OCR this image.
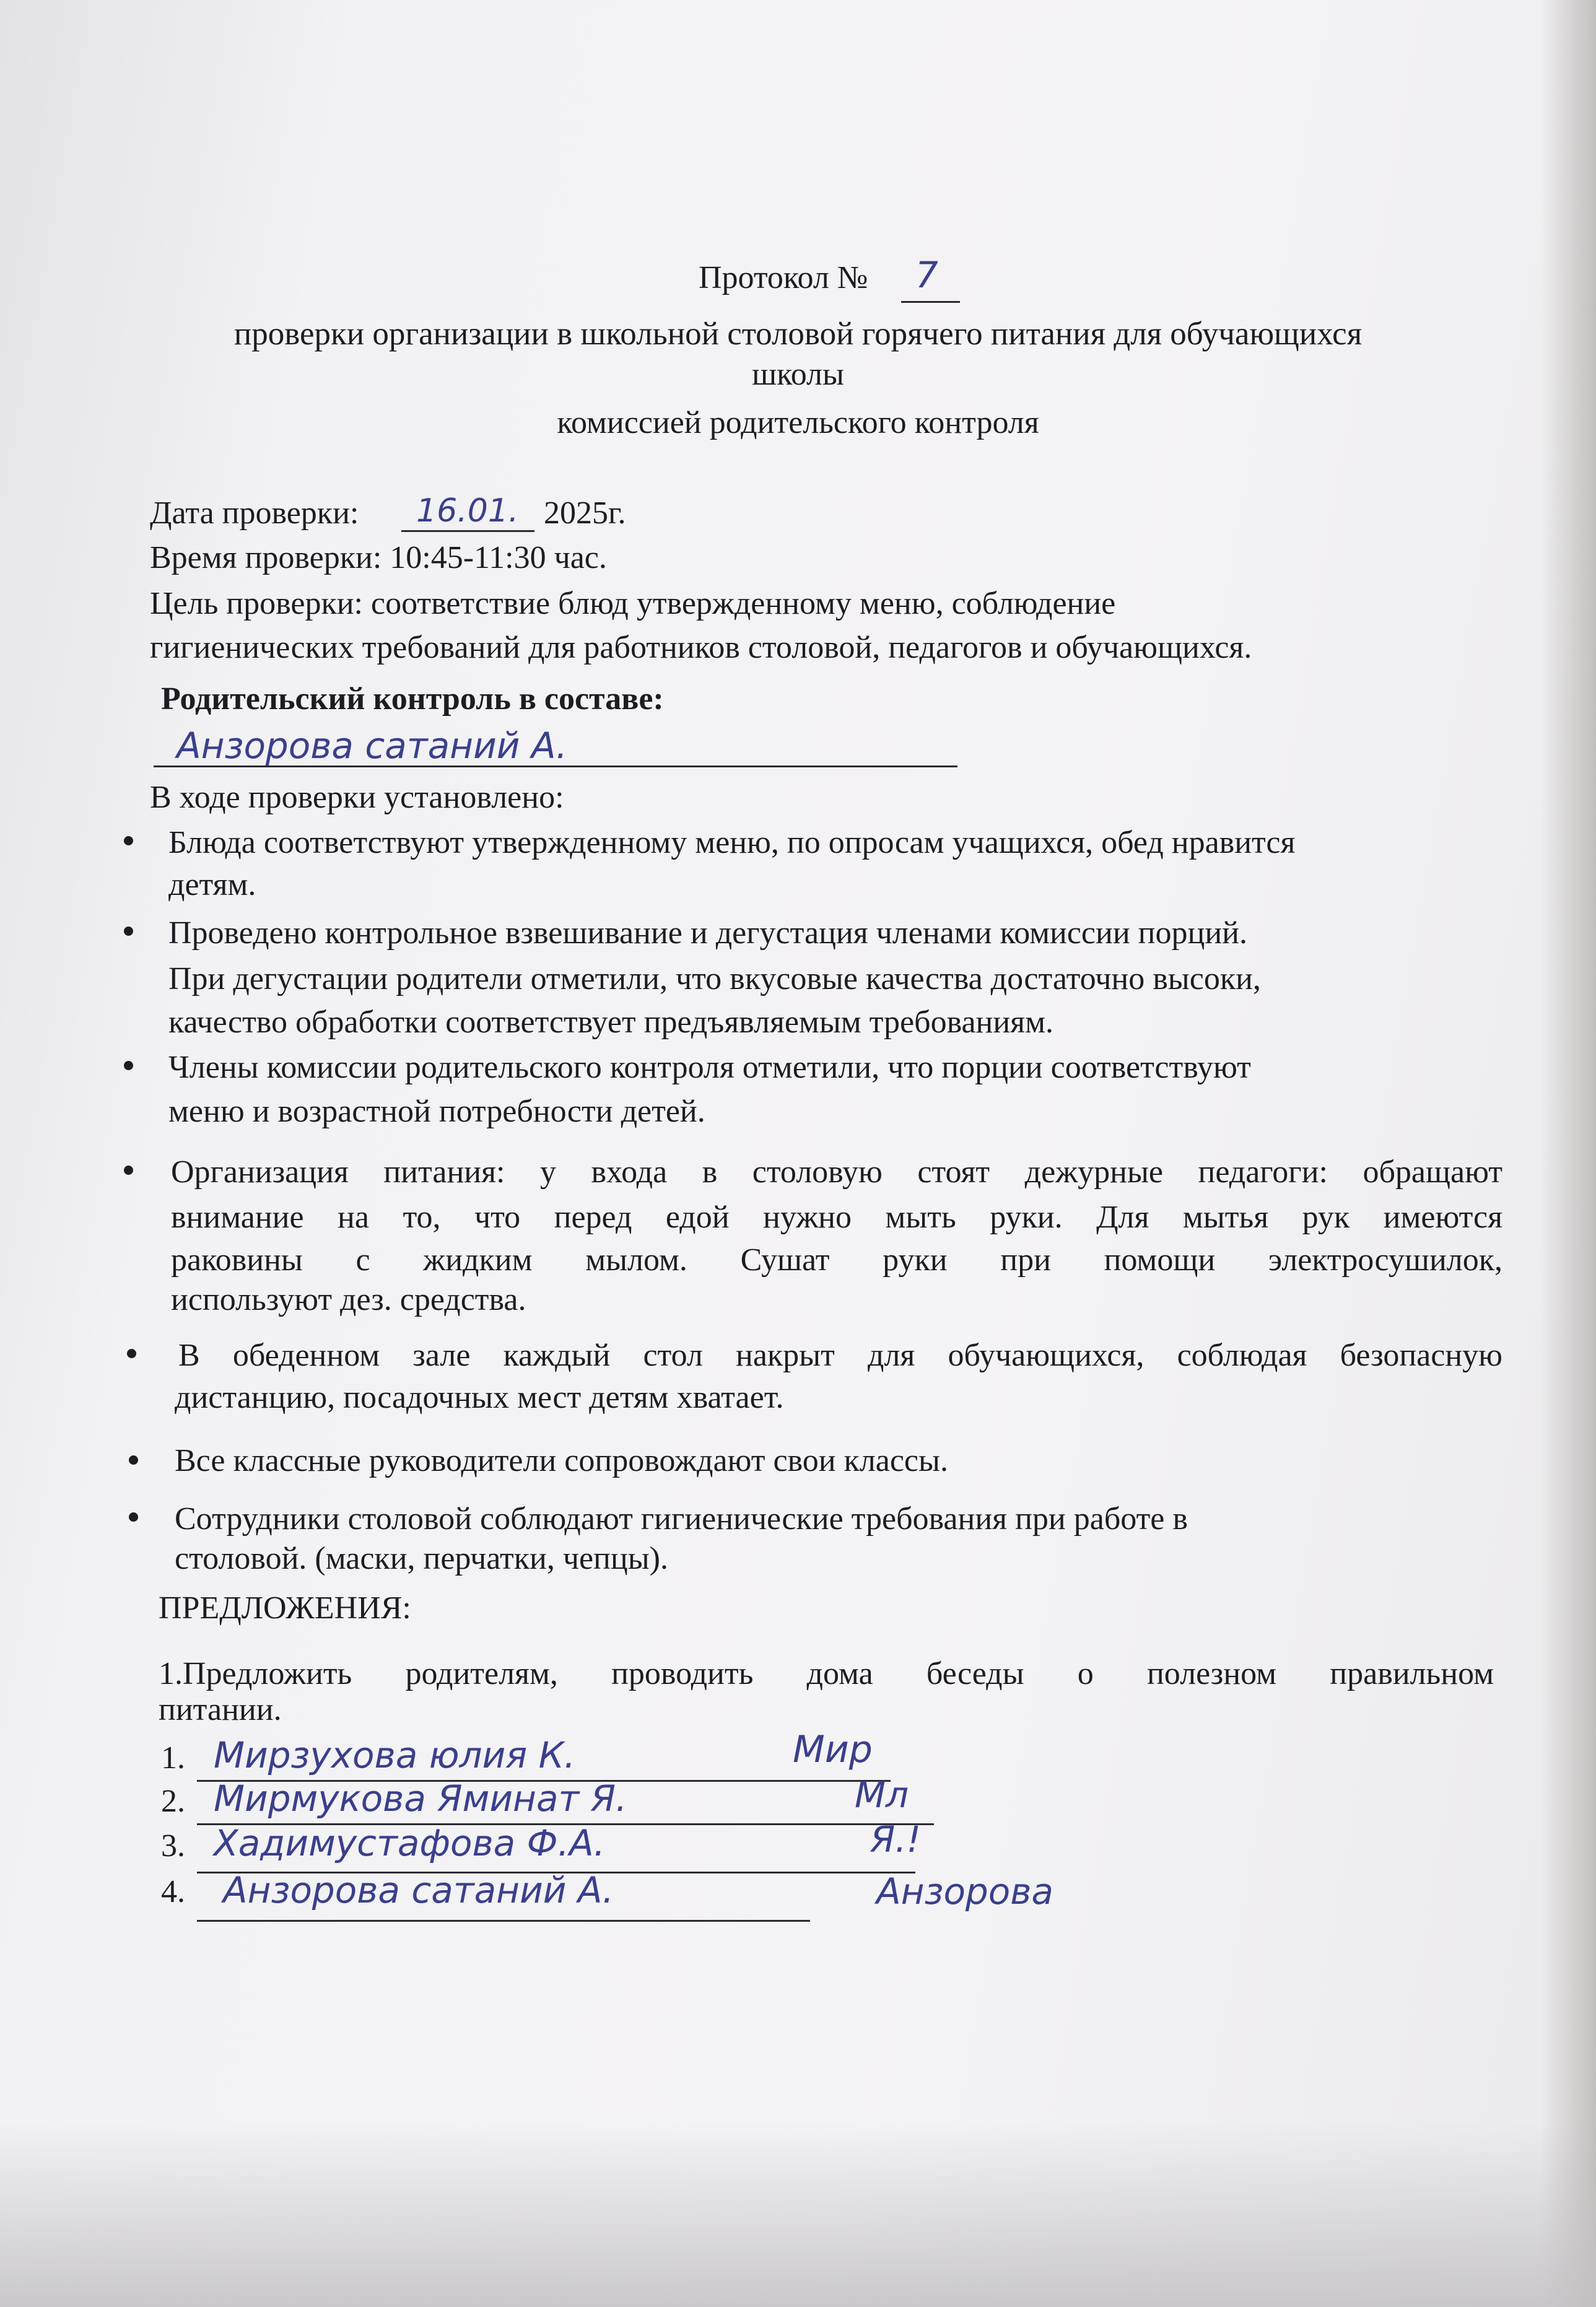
Протокол № 7
проверки организации в школьной столовой горячего питания для обучающихся
школы
комиссией родительского контроля
Дата проверки: 16.01. 2025г.
Время проверки: 10:45-11:30 час.
Цель проверки: соответствие блюд утвержденному меню, соблюдение
гигиенических требований для работников столовой, педагогов и обучающихся.
Родительский контроль в составе:
Анзорова сатаний А.
В ходе проверки установлено:
Блюда соответствуют утвержденному меню, по опросам учащихся, обед нравится
детям.
Проведено контрольное взвешивание и дегустация членами комиссии порций.
При дегустации родители отметили, что вкусовые качества достаточно высоки,
качество обработки соответствует предъявляемым требованиям.
Члены комиссии родительского контроля отметили, что порции соответствуют
меню и возрастной потребности детей.
Организация питания: у входа в столовую стоят дежурные педагоги: обращают
внимание на то, что перед едой нужно мыть руки. Для мытья рук имеются
раковины с жидким мылом. Сушат руки при помощи электросушилок,
используют дез. средства.
В обеденном зале каждый стол накрыт для обучающихся, соблюдая безопасную
дистанцию, посадочных мест детям хватает.
Все классные руководители сопровождают свои классы.
Сотрудники столовой соблюдают гигиенические требования при работе в
столовой. (маски, перчатки, чепцы).
ПРЕДЛОЖЕНИЯ:
1.Предложить родителям, проводить дома беседы о полезном правильном
питании.
1. Мирзухова юлия К.	Мир
2. Мирмукова Яминат Я.	Мл
3. Хадимустафова Ф.А.	Я.!
4. Анзорова сатаний А.	Анзорова
